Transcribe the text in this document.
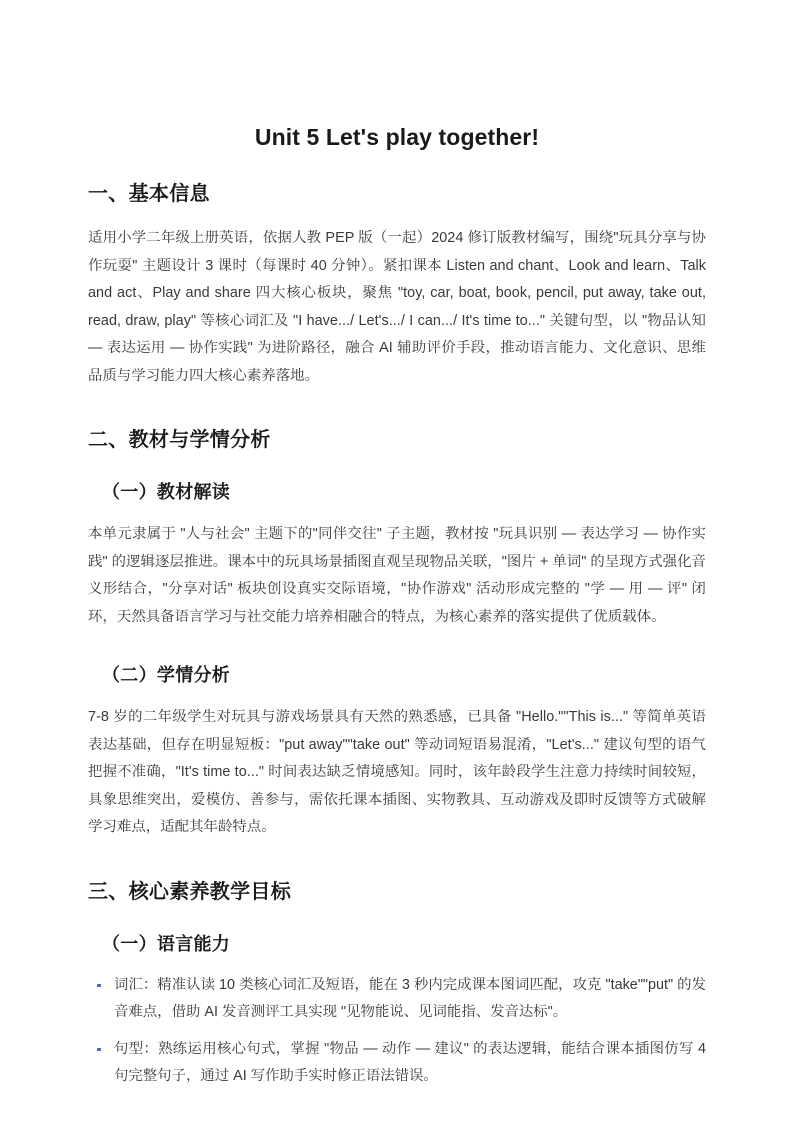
Unit 5 Let's play together!
一、基本信息

适用小学二年级上册英语，依据人教 PEP 版（一起）2024 修订版教材编写，围绕"玩具分享与协作玩耍" 主题设计 3 课时（每课时 40 分钟）。紧扣课本 Listen and chant、Look and learn、Talk and act、Play and share 四大核心板块，聚焦 "toy, car, boat, book, pencil, put away, take out, read, draw, play" 等核心词汇及 "I have.../ Let's.../ I can.../ It's time to..." 关键句型，以 "物品认知 — 表达运用 — 协作实践" 为进阶路径，融合 AI 辅助评价手段，推动语言能力、文化意识、思维品质与学习能力四大核心素养落地。

二、教材与学情分析
（一）教材解读

本单元隶属于 "人与社会" 主题下的"同伴交往" 子主题，教材按 "玩具识别 — 表达学习 — 协作实践" 的逻辑逐层推进。课本中的玩具场景插图直观呈现物品关联，"图片 + 单词" 的呈现方式强化音义形结合，"分享对话" 板块创设真实交际语境，"协作游戏" 活动形成完整的 "学 — 用 — 评" 闭环，天然具备语言学习与社交能力培养相融合的特点，为核心素养的落实提供了优质载体。

（二）学情分析

7-8 岁的二年级学生对玩具与游戏场景具有天然的熟悉感，已具备 "Hello.""This is..." 等简单英语表达基础，但存在明显短板："put away""take out" 等动词短语易混淆，"Let's..." 建议句型的语气把握不准确，"It's time to..." 时间表达缺乏情境感知。同时，该年龄段学生注意力持续时间较短，具象思维突出，爱模仿、善参与，需依托课本插图、实物教具、互动游戏及即时反馈等方式破解学习难点，适配其年龄特点。

三、核心素养教学目标
（一）语言能力
词汇：精准认读 10 类核心词汇及短语，能在 3 秒内完成课本图词匹配，攻克 "take""put" 的发音难点，借助 AI 发音测评工具实现 "见物能说、见词能指、发音达标"。
句型：熟练运用核心句式，掌握 "物品 — 动作 — 建议" 的表达逻辑，能结合课本插图仿写 4 句完整句子，通过 AI 写作助手实时修正语法错误。
